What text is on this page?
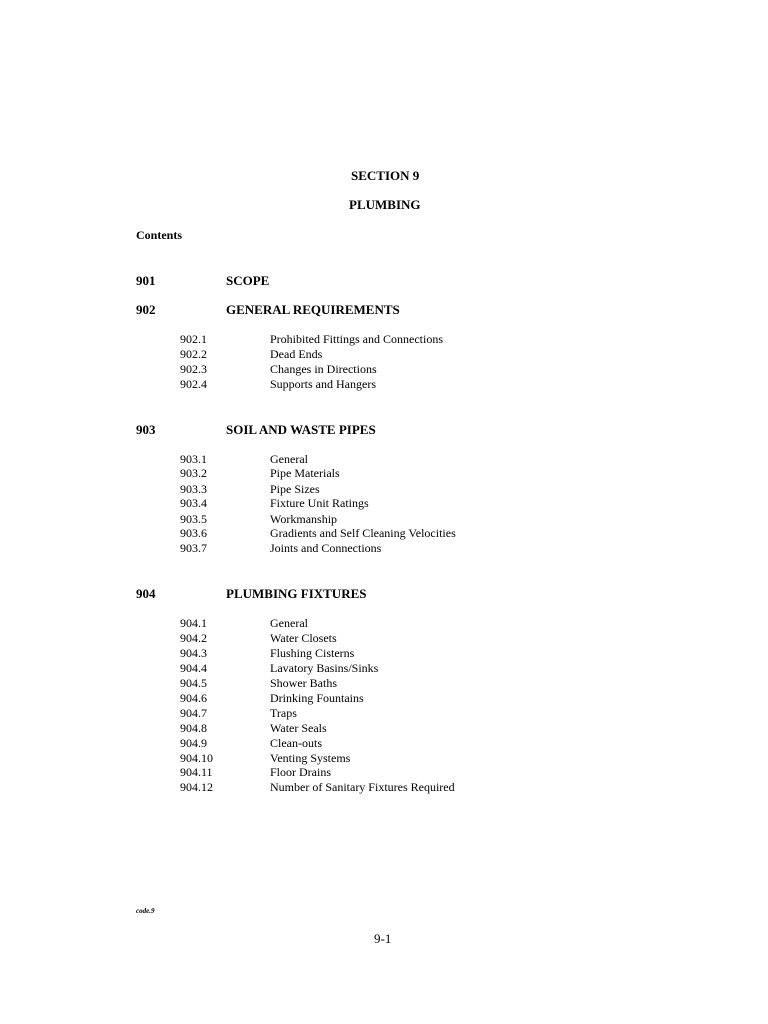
SECTION 9
PLUMBING
Contents
901	SCOPE
902	GENERAL REQUIREMENTS
902.1	Prohibited Fittings and Connections
902.2	Dead Ends
902.3	Changes in Directions
902.4	Supports and Hangers
903	SOIL AND WASTE PIPES
903.1	General
903.2	Pipe Materials
903.3	Pipe Sizes
903.4	Fixture Unit Ratings
903.5	Workmanship
903.6	Gradients and Self Cleaning Velocities
903.7	Joints and Connections
904	PLUMBING FIXTURES
904.1	General
904.2	Water Closets
904.3	Flushing Cisterns
904.4	Lavatory Basins/Sinks
904.5	Shower Baths
904.6	Drinking Fountains
904.7	Traps
904.8	Water Seals
904.9	Clean-outs
904.10	Venting Systems
904.11	Floor Drains
904.12	Number of Sanitary Fixtures Required
code.9
9-1
